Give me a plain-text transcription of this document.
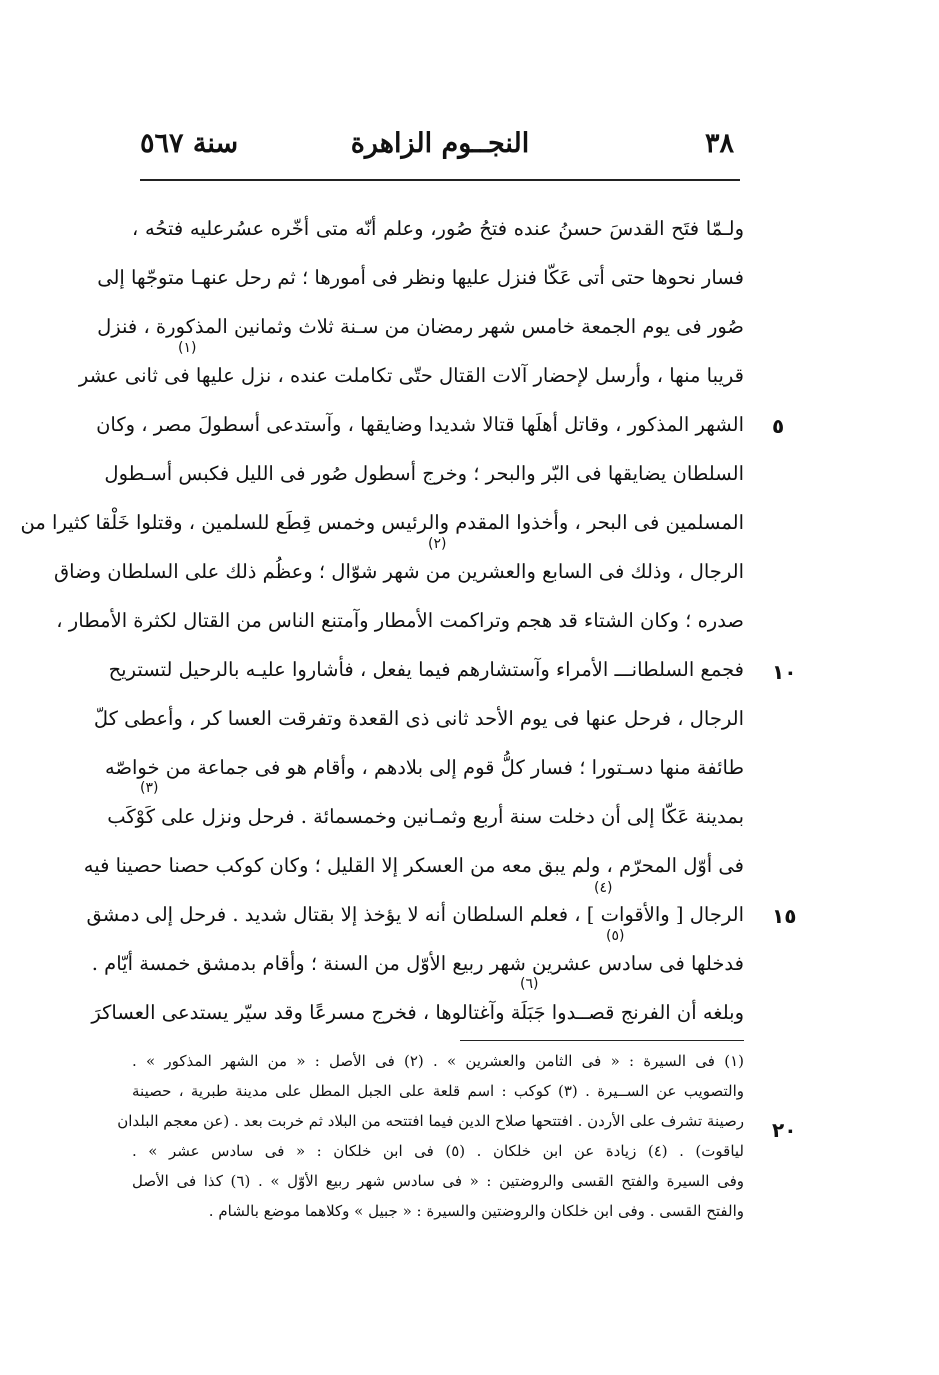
سنة ٥٦٧	النجــوم الزاهرة	٣٨
ولـمّا فتَح القدسَ حسنُ عنده فتحُ صُور، وعلم أنّه متى أخّره عسُرعليه فتحُه ،
فسار نحوها حتى أتى عَكّا فنزل عليها ونظر فى أمورها ؛ ثم رحل عنهـا متوجّها إلى
صُور فى يوم الجمعة خامس شهر رمضان من سـنة ثلاث وثمانين المذكورة ، فنزل
قريبا منها ، وأرسل لإحضار آلات القتال حتّى تكاملت عنده ، نزل عليها فى ثانى عشر
الشهر المذكور ، وقاتل أهلَها قتالا شديدا وضايقها ، وآستدعى أسطولَ مصر ، وكان
السلطان يضايقها فى البّر والبحر ؛ وخرج أسطول صُور فى الليل فكبس أسـطول
المسلمين فى البحر ، وأخذوا المقدم والرئيس وخمس قِطَع للسلمين ، وقتلوا خَلْقا كثيرا من
الرجال ، وذلك فى السابع والعشرين من شهر شوّال ؛ وعظُم ذلك على السلطان وضاق
صدره ؛ وكان الشتاء قد هجم وتراكمت الأمطار وآمتنع الناس من القتال لكثرة الأمطار ،
فجمع السلطانـــ الأمراء وآستشارهم فيما يفعل ، فأشاروا عليـه بالرحيل لتستريح
الرجال ، فرحل عنها فى يوم الأحد ثانى ذى القعدة وتفرقت العسا كر ، وأعطى كلّ
طائفة منها دسـتورا ؛ فسار كلُّ قوم إلى بلادهم ، وأقام هو فى جماعة من خواصّه
بمدينة عَكّا إلى أن دخلت سنة أربع وثمـانين وخمسمائة . فرحل ونزل على كَوْكَب
فى أوّل المحرّم ، ولم يبق معه من العسكر إلا القليل ؛ وكان كوكب حصنا حصينا فيه
الرجال [ والأقوات ] ، فعلم السلطان أنه لا يؤخذ إلا بقتال شديد . فرحل إلى دمشق
فدخلها فى سادس عشرين شهر ربيع الأوّل من السنة ؛ وأقام بدمشق خمسة أيّام .
وبلغه أن الفرنج قصــدوا جَبَلَة وآغتالوها ، فخرج مسرعًا وقد سيّر يستدعى العساكرَ
(١)
(٢)
(٣)
(٤)
(٥)
(٦)
٥
١٠
١٥
٢٠
(١) فى السيرة : « فى الثامن والعشرين » . (٢) فى الأصل : « من الشهر المذكور » .
والتصويب عن الســيرة . (٣) كوكب : اسم قلعة على الجبل المطل على مدينة طبرية ، حصينة
رصينة تشرف على الأردن . افتتحها صلاح الدين فيما افتتحه من البلاد ثم خربت بعد . (عن معجم البلدان
لياقوت) . (٤) زيادة عن ابن خلكان . (٥) فى ابن خلكان : « فى سادس عشر » .
وفى السيرة والفتح القسى والروضتين : « فى سادس شهر ربيع الأوّل » . (٦) كذا فى الأصل
والفتح القسى . وفى ابن خلكان والروضتين والسيرة : « جبيل » وكلاهما موضع بالشام .
